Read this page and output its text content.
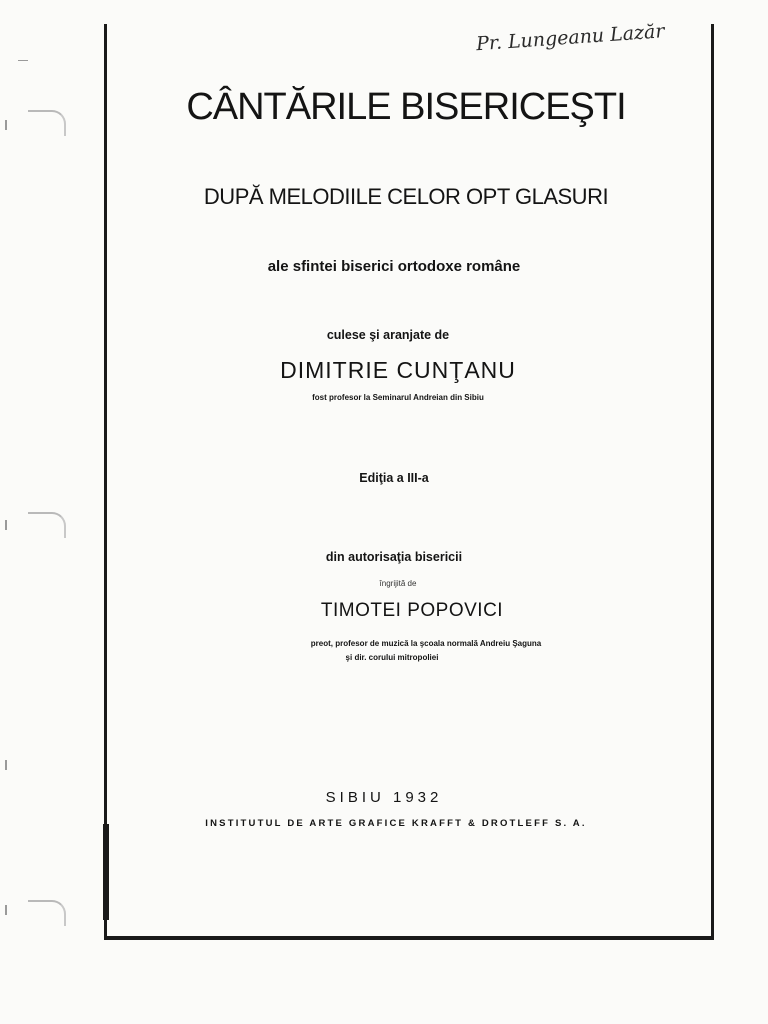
Pr. Lungeanu Lazăr
CÂNTĂRILE BISERICEŞTI
DUPĂ MELODIILE CELOR OPT GLASURI
ale sfintei biserici ortodoxe române
culese şi aranjate de
DIMITRIE CUNŢANU
fost profesor la Seminarul Andreian din Sibiu
Ediţia a III-a
din autorisaţia bisericii
îngrijită de
TIMOTEI POPOVICI
preot, profesor de muzică la şcoala normală Andreiu Şaguna
şi dir. corului mitropoliei
SIBIU 1932
INSTITUTUL DE ARTE GRAFICE KRAFFT & DROTLEFF S. A.
